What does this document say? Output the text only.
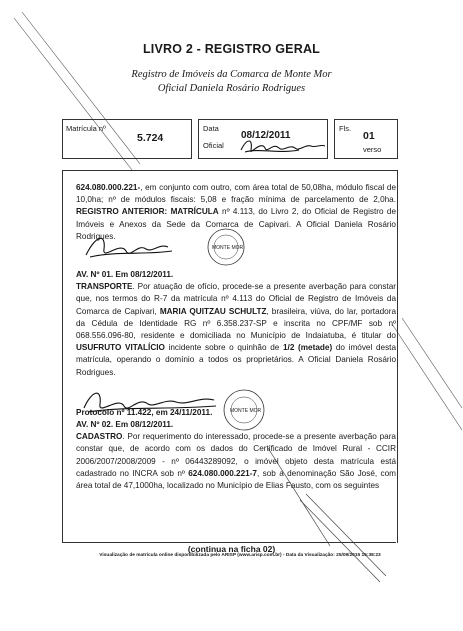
LIVRO 2 - REGISTRO GERAL
Registro de Imóveis da Comarca de Monte Mor
Oficial Daniela Rosário Rodrigues
Matrícula nº
5.724
Data
08/12/2011
Oficial
Fls.
01
verso

624.080.000.221-, em conjunto com outro, com área total de 50,08ha, módulo fiscal de 10,0ha; nº de módulos fiscais: 5,08 e fração mínima de parcelamento de 2,0ha. REGISTRO ANTERIOR: MATRÍCULA nº 4.113, do Livro 2, do Oficial de Registro de Imóveis e Anexos da Sede da Comarca de Capivari. A Oficial Daniela Rosário Rodrigues.

AV. Nº 01. Em 08/12/2011.

TRANSPORTE. Por atuação de ofício, procede-se a presente averbação para constar que, nos termos do R-7 da matrícula nº 4.113 do Oficial de Registro de Imóveis da Comarca de Capivari, MARIA QUITZAU SCHULTZ, brasileira, viúva, do lar, portadora da Cédula de Identidade RG nº 6.358.237-SP e inscrita no CPF/MF sob nº 068.556.096-80, residente e domiciliada no Município de Indaiatuba, é titular do USUFRUTO VITALÍCIO incidente sobre o quinhão de 1/2 (metade) do imóvel desta matrícula, operando o domínio a todos os proprietários. A Oficial Daniela Rosário Rodrigues.

Protocolo nº 11.422, em 24/11/2011.

AV. Nº 02. Em 08/12/2011.

CADASTRO. Por requerimento do interessado, procede-se a presente averbação para constar que, de acordo com os dados do Certificado de Imóvel Rural - CCIR 2006/2007/2008/2009 - nº 06443289092, o imóvel objeto desta matrícula está cadastrado no INCRA sob nº 624.080.000.221-7, sob a denominação São José, com área total de 47,1000ha, localizado no Município de Elias Fausto, com os seguintes

MONTE MOR
MONTE MOR
(continua na ficha 02)
Visualização de matrícula online disponibilizada pelo ARISP (www.arisp.com.br) - Data da Visualização: 25/09/2015 15:38:23
